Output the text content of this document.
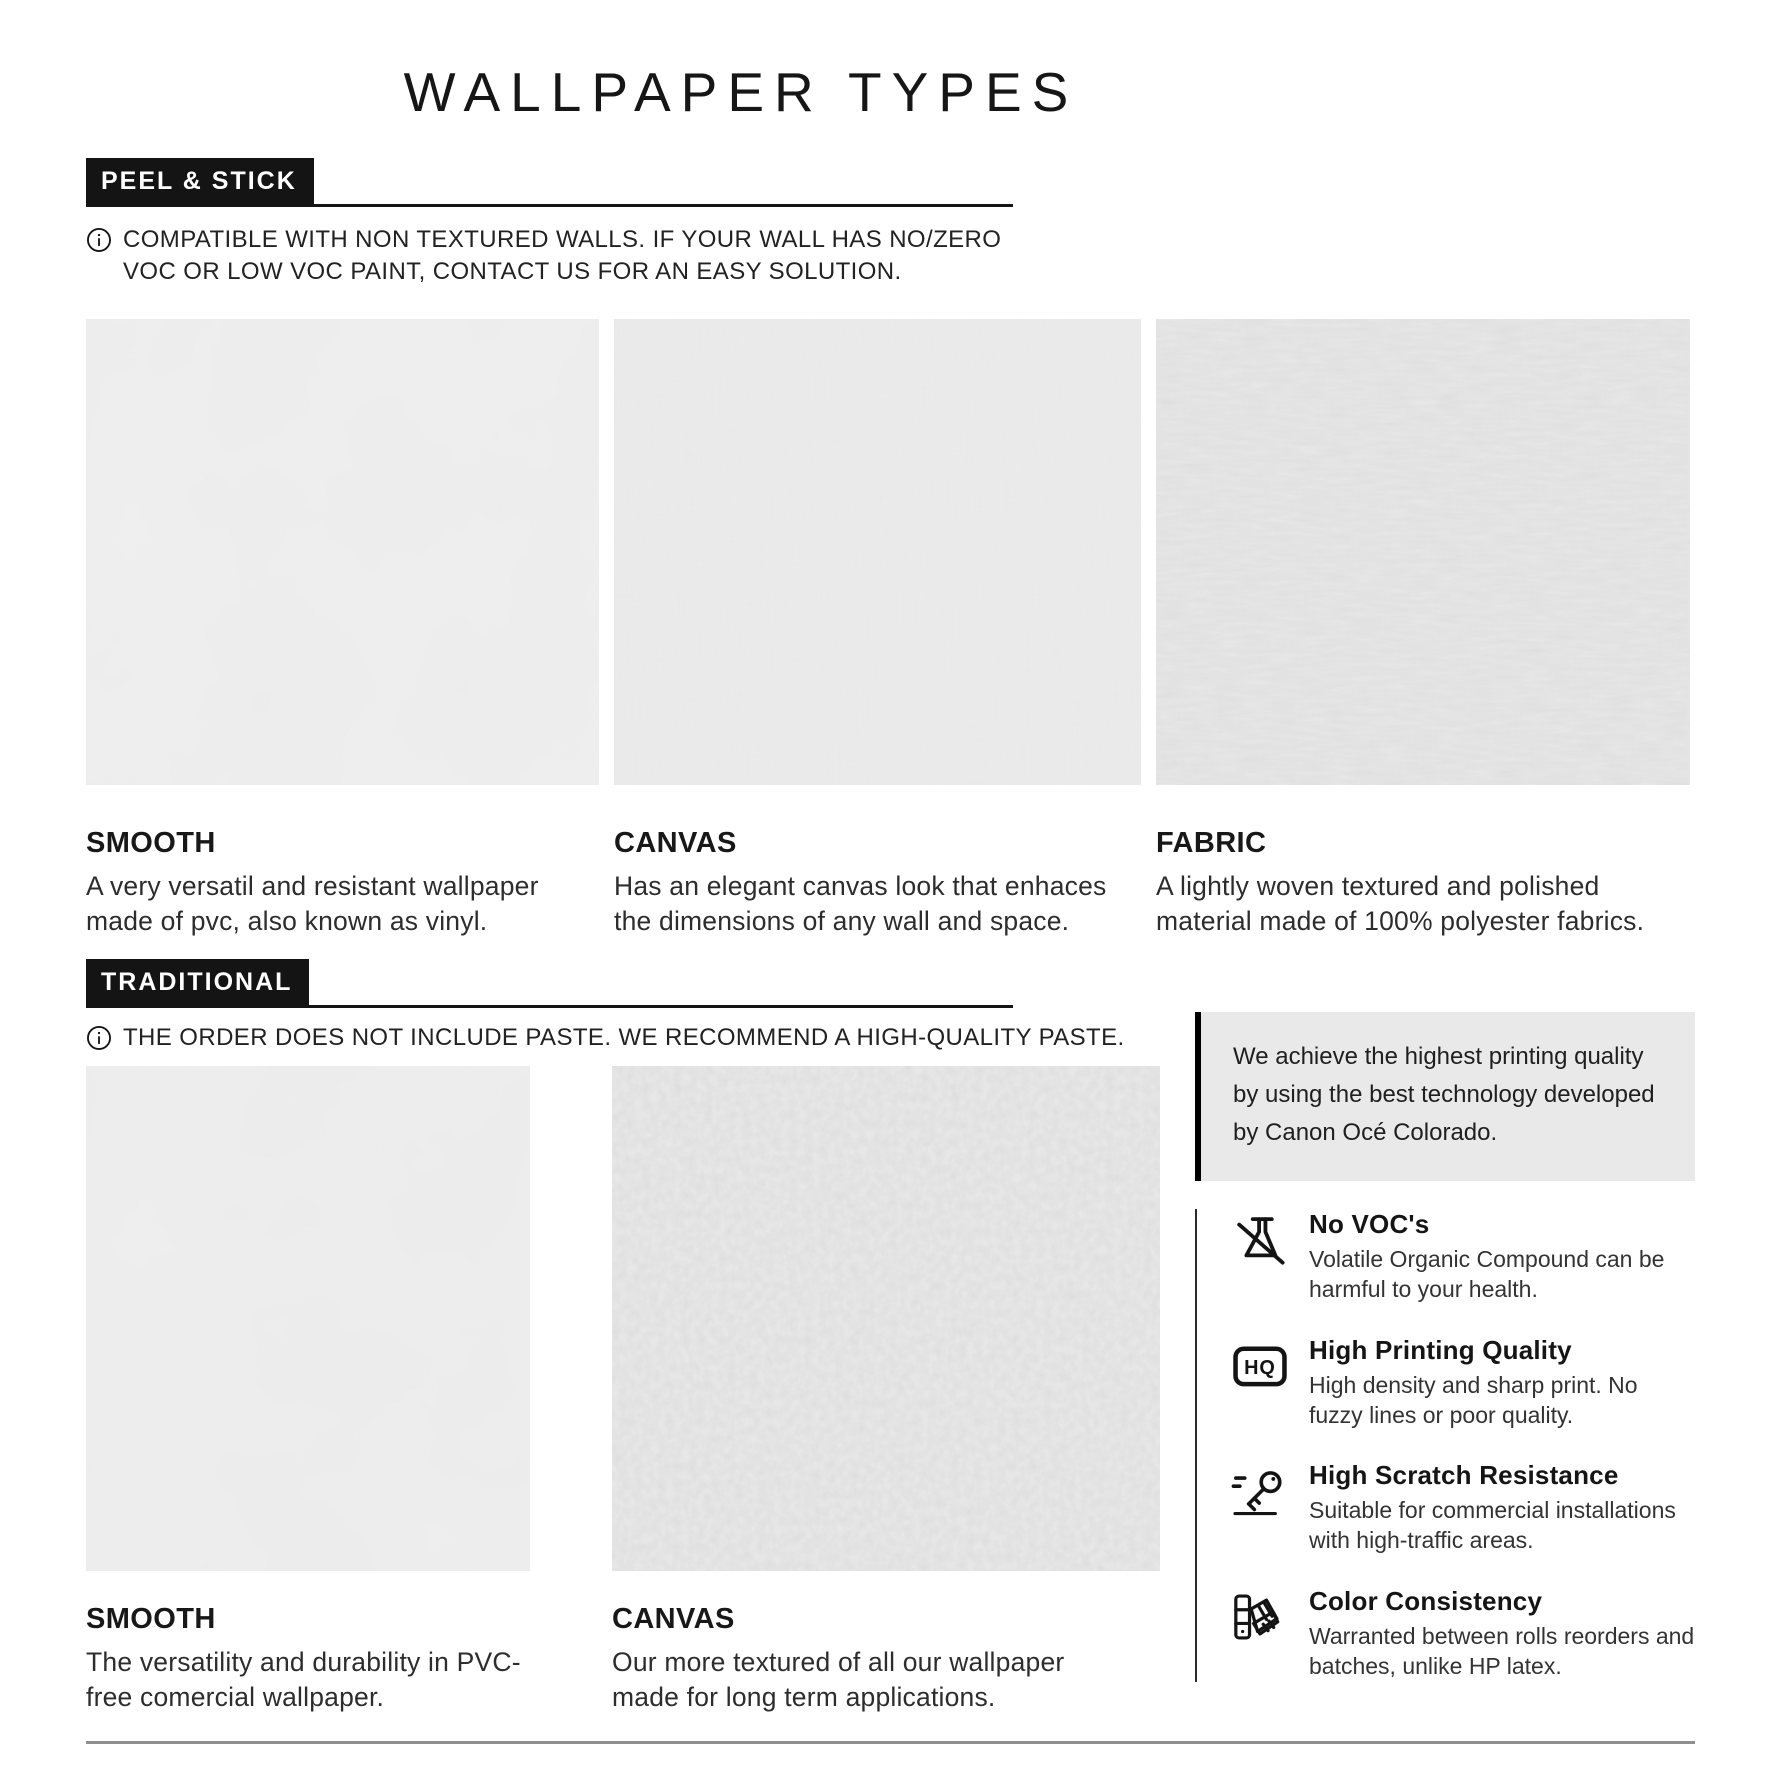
WALLPAPER TYPES
PEEL & STICK
COMPATIBLE WITH NON TEXTURED WALLS. IF YOUR WALL HAS NO/ZERO
VOC OR LOW VOC PAINT, CONTACT US FOR AN EASY SOLUTION.
SMOOTH

A very versatil and resistant wallpaper made of pvc, also known as vinyl.

CANVAS

Has an elegant canvas look that enhaces the dimensions of any wall and space.

FABRIC

A lightly woven textured and polished material made of 100% polyester fabrics.

TRADITIONAL
THE ORDER DOES NOT INCLUDE PASTE. WE RECOMMEND A HIGH-QUALITY PASTE.
SMOOTH

The versatility and durability in PVC-free comercial wallpaper.

CANVAS

Our more textured of all our wallpaper made for long term applications.

We achieve the highest printing quality by using the best technology developed by Canon Océ Colorado.

No VOC's

Volatile Organic Compound can be harmful to your health.

HQ
High Printing Quality

High density and sharp print. No fuzzy lines or poor quality.

High Scratch Resistance

Suitable for commercial installations with high-traffic areas.

Color Consistency

Warranted between rolls reorders and batches, unlike HP latex.
